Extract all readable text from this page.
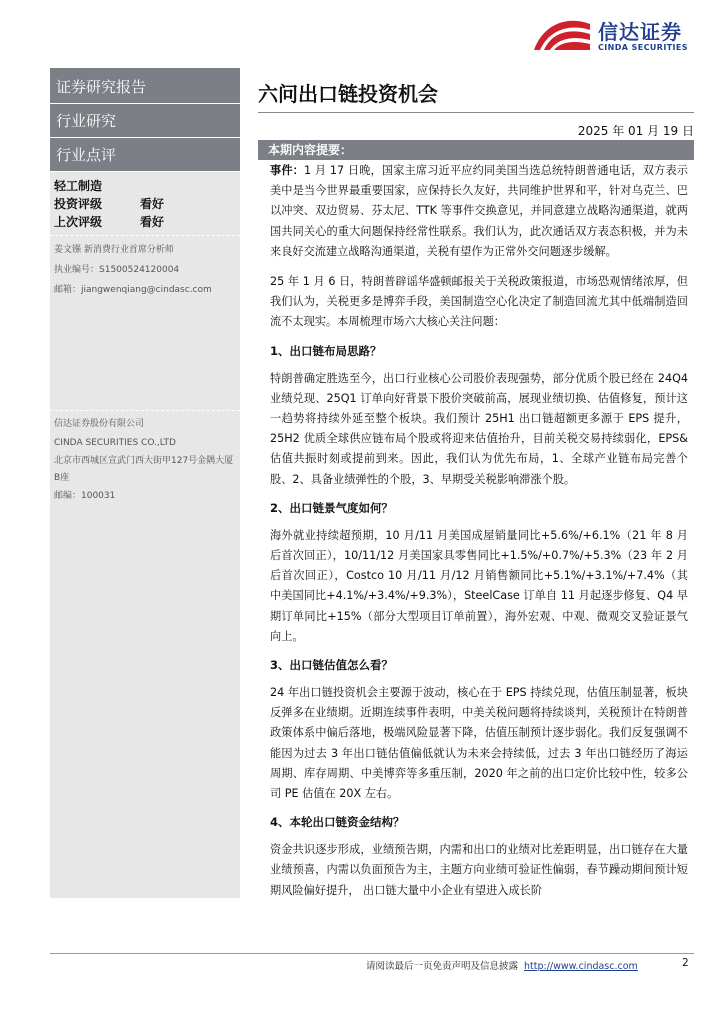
信达证券
CINDA SECURITIES
证券研究报告
行业研究
行业点评
轻工制造
投资评级	看好
上次评级	看好
姜文镪 新消费行业首席分析师
执业编号：S1500524120004
邮箱：jiangwenqiang@cindasc.com
信达证券股份有限公司
CINDA SECURITIES CO.,LTD
北京市西城区宣武门西大街甲127号金隅大厦B座
邮编：100031
六问出口链投资机会
2025 年 01 月 19 日
本期内容提要：

事件：1 月 17 日晚，国家主席习近平应约同美国当选总统特朗普通电话，双方表示美中是当今世界最重要国家，应保持长久友好，共同维护世界和平，针对乌克兰、巴以冲突、双边贸易、芬太尼、TTK 等事件交换意见，并同意建立战略沟通渠道，就两国共同关心的重大问题保持经常性联系。我们认为，此次通话双方表态积极，并为未来良好交流建立战略沟通渠道，关税有望作为正常外交问题逐步缓解。

25 年 1 月 6 日，特朗普辟谣华盛顿邮报关于关税政策报道，市场恐观情绪浓厚，但我们认为，关税更多是博弈手段，美国制造空心化决定了制造回流尤其中低端制造回流不太现实。本周梳理市场六大核心关注问题：

1、出口链布局思路？

特朗普确定胜选至今，出口行业核心公司股价表现强势，部分优质个股已经在 24Q4 业绩兑现、25Q1 订单向好背景下股价突破前高，展现业绩切换、估值修复，预计这一趋势将持续外延至整个板块。我们预计 25H1 出口链超额更多源于 EPS 提升，25H2 优质全球供应链布局个股或将迎来估值抬升，目前关税交易持续弱化，EPS&估值共振时刻或提前到来。因此，我们认为优先布局，1、全球产业链布局完善个股、2、具备业绩弹性的个股，3、早期受关税影响滞涨个股。

2、出口链景气度如何？

海外就业持续超预期，10 月/11 月美国成屋销量同比+5.6%/+6.1%（21 年 8 月后首次回正），10/11/12 月美国家具零售同比+1.5%/+0.7%/+5.3%（23 年 2 月后首次回正），Costco 10 月/11 月/12 月销售额同比+5.1%/+3.1%/+7.4%（其中美国同比+4.1%/+3.4%/+9.3%），SteelCase 订单自 11 月起逐步修复、Q4 早期订单同比+15%（部分大型项目订单前置），海外宏观、中观、微观交叉验证景气向上。

3、出口链估值怎么看？

24 年出口链投资机会主要源于波动，核心在于 EPS 持续兑现，估值压制显著，板块反弹多在业绩期。近期连续事件表明，中美关税问题将持续谈判，关税预计在特朗普政策体系中偏后落地，极端风险显著下降，估值压制预计逐步弱化。我们反复强调不能因为过去 3 年出口链估值偏低就认为未来会持续低，过去 3 年出口链经历了海运周期、库存周期、中美博弈等多重压制，2020 年之前的出口定价比较中性，较多公司 PE 估值在 20X 左右。

4、本轮出口链资金结构？

资金共识逐步形成，业绩预告期，内需和出口的业绩对比差距明显，出口链存在大量业绩预喜，内需以负面预告为主，主题方向业绩可验证性偏弱，春节躁动期间预计短期风险偏好提升， 出口链大量中小企业有望进入成长阶

请阅读最后一页免责声明及信息披露 http://www.cindasc.com	2
